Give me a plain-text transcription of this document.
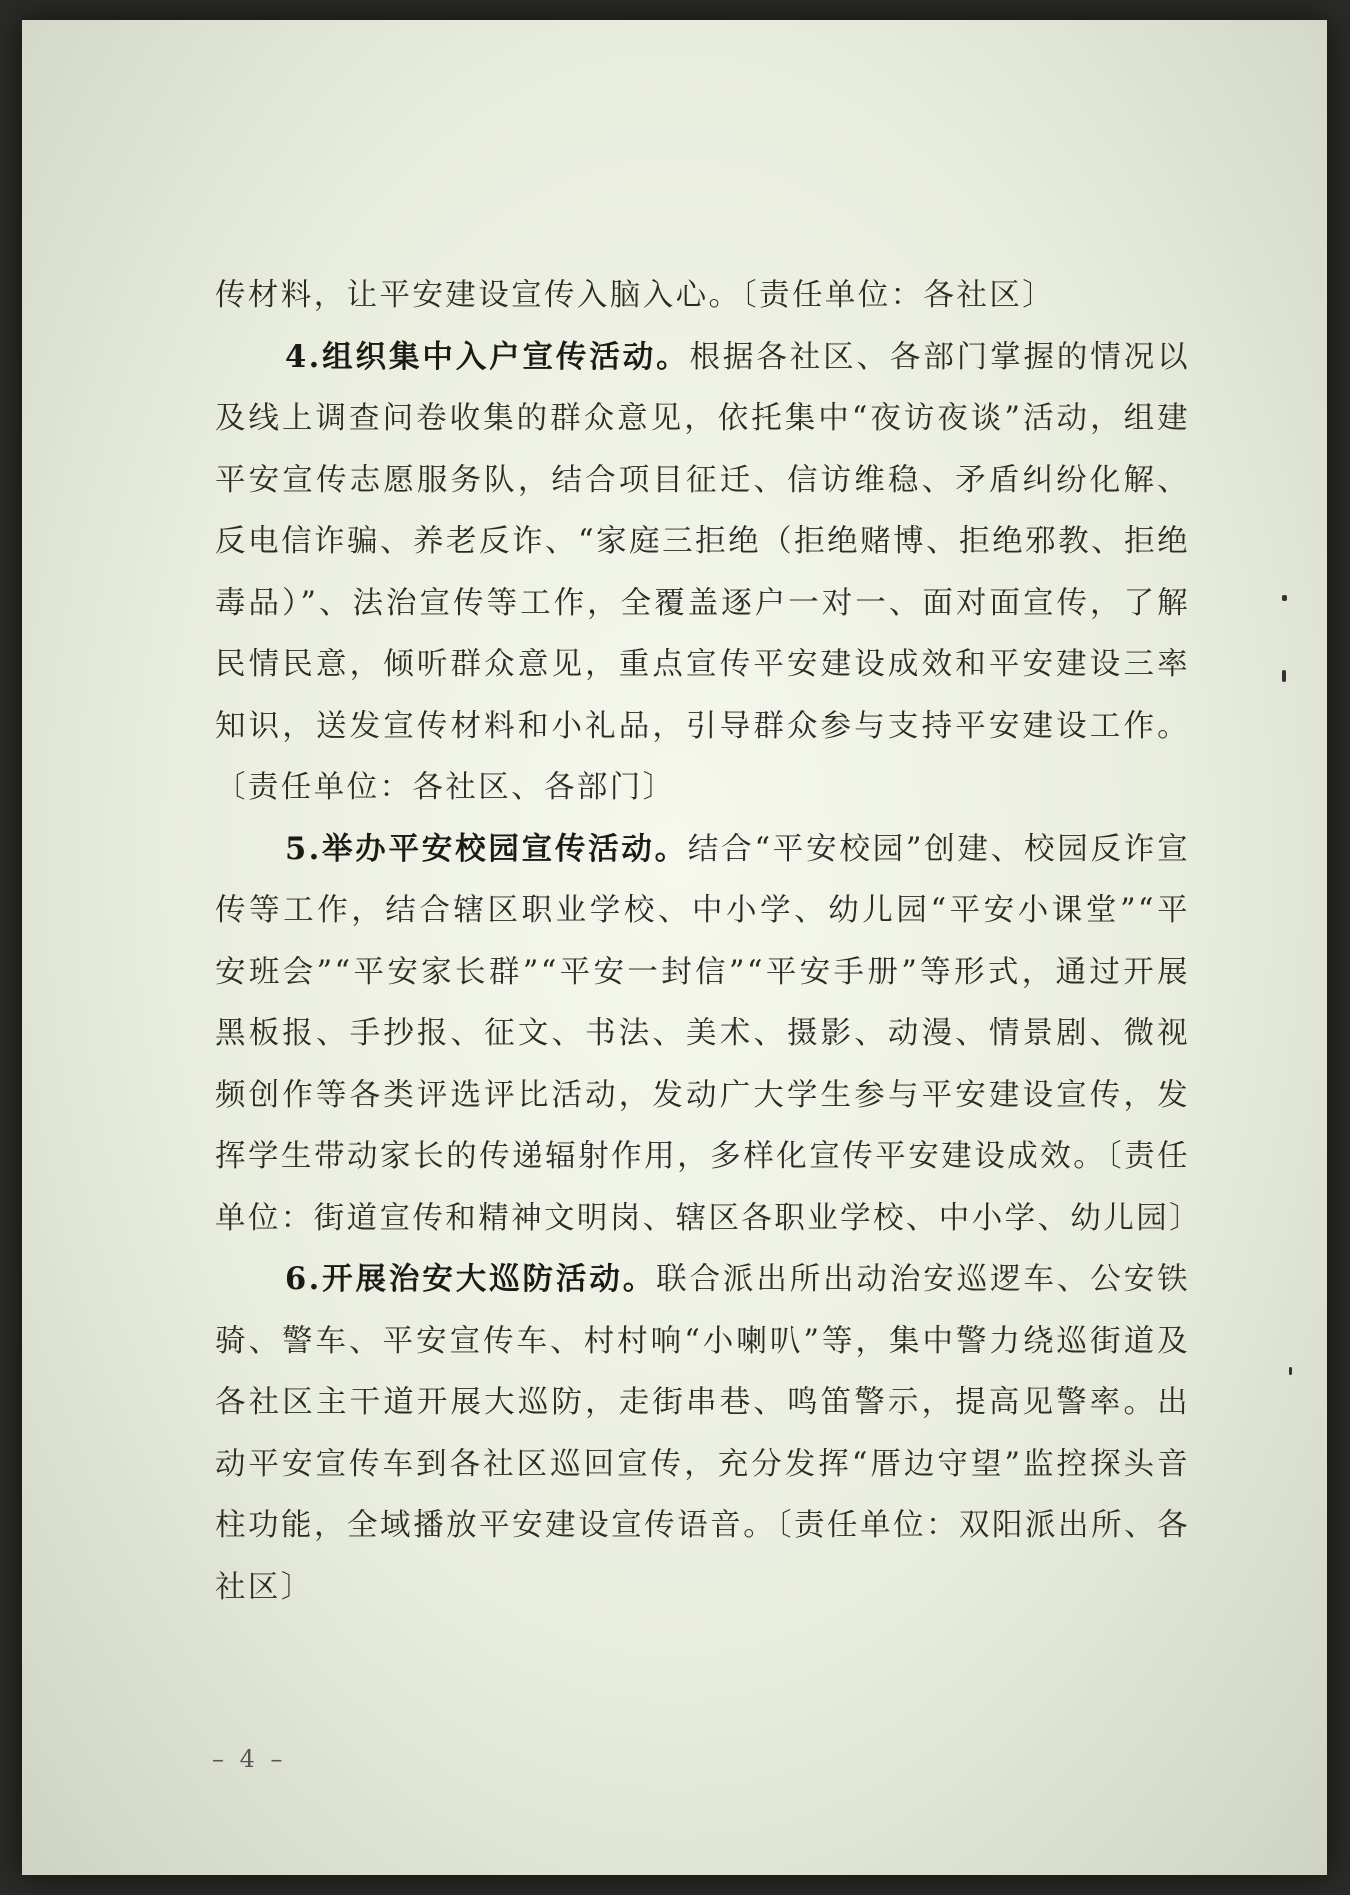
传材料，让平安建设宣传入脑入心。〔责任单位：各社区〕

4.组织集中入户宣传活动。根据各社区、各部门掌握的情况以及线上调查问卷收集的群众意见，依托集中“夜访夜谈”活动，组建平安宣传志愿服务队，结合项目征迁、信访维稳、矛盾纠纷化解、反电信诈骗、养老反诈、“家庭三拒绝（拒绝赌博、拒绝邪教、拒绝毒品）”、法治宣传等工作，全覆盖逐户一对一、面对面宣传，了解民情民意，倾听群众意见，重点宣传平安建设成效和平安建设三率知识，送发宣传材料和小礼品，引导群众参与支持平安建设工作。〔责任单位：各社区、各部门〕

5.举办平安校园宣传活动。结合“平安校园”创建、校园反诈宣传等工作，结合辖区职业学校、中小学、幼儿园“平安小课堂”“平安班会”“平安家长群”“平安一封信”“平安手册”等形式，通过开展黑板报、手抄报、征文、书法、美术、摄影、动漫、情景剧、微视频创作等各类评选评比活动，发动广大学生参与平安建设宣传，发挥学生带动家长的传递辐射作用，多样化宣传平安建设成效。〔责任单位：街道宣传和精神文明岗、辖区各职业学校、中小学、幼儿园〕

6.开展治安大巡防活动。联合派出所出动治安巡逻车、公安铁骑、警车、平安宣传车、村村响“小喇叭”等，集中警力绕巡街道及各社区主干道开展大巡防，走街串巷、鸣笛警示，提高见警率。出动平安宣传车到各社区巡回宣传，充分发挥“厝边守望”监控探头音柱功能，全域播放平安建设宣传语音。〔责任单位：双阳派出所、各社区〕

– 4 –
